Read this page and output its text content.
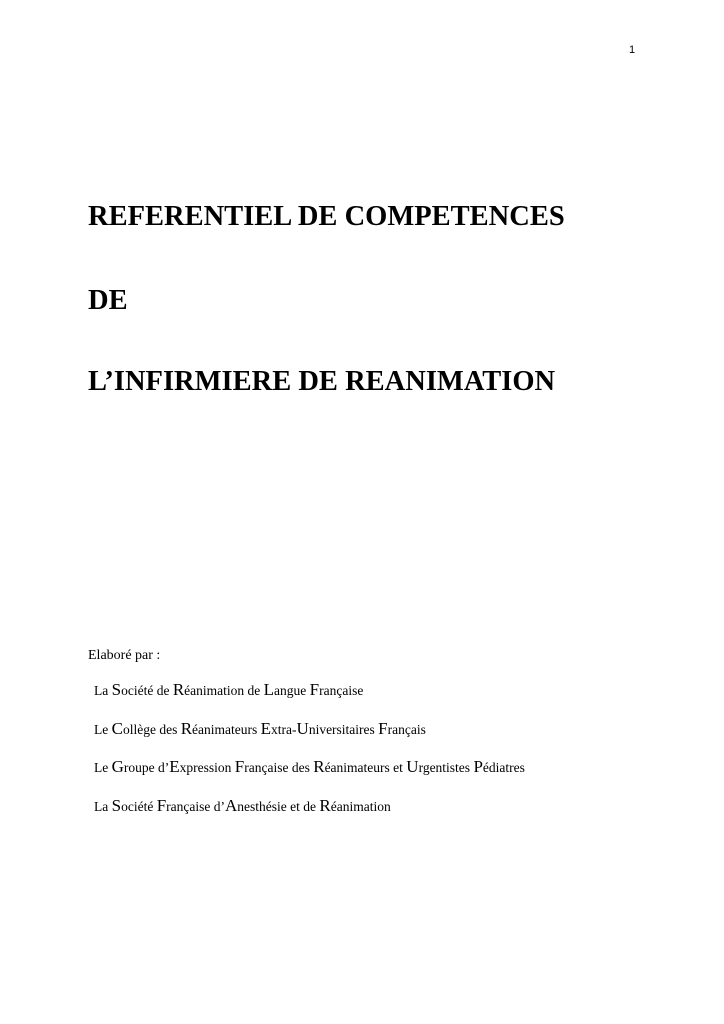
1
REFERENTIEL DE COMPETENCES
DE
L’INFIRMIERE DE REANIMATION
Elaboré par :
La Société de Réanimation de Langue Française
Le Collège des Réanimateurs Extra-Universitaires Français
Le Groupe d’Expression Française des Réanimateurs et Urgentistes Pédiatres
La Société Française d’Anesthésie et de Réanimation
